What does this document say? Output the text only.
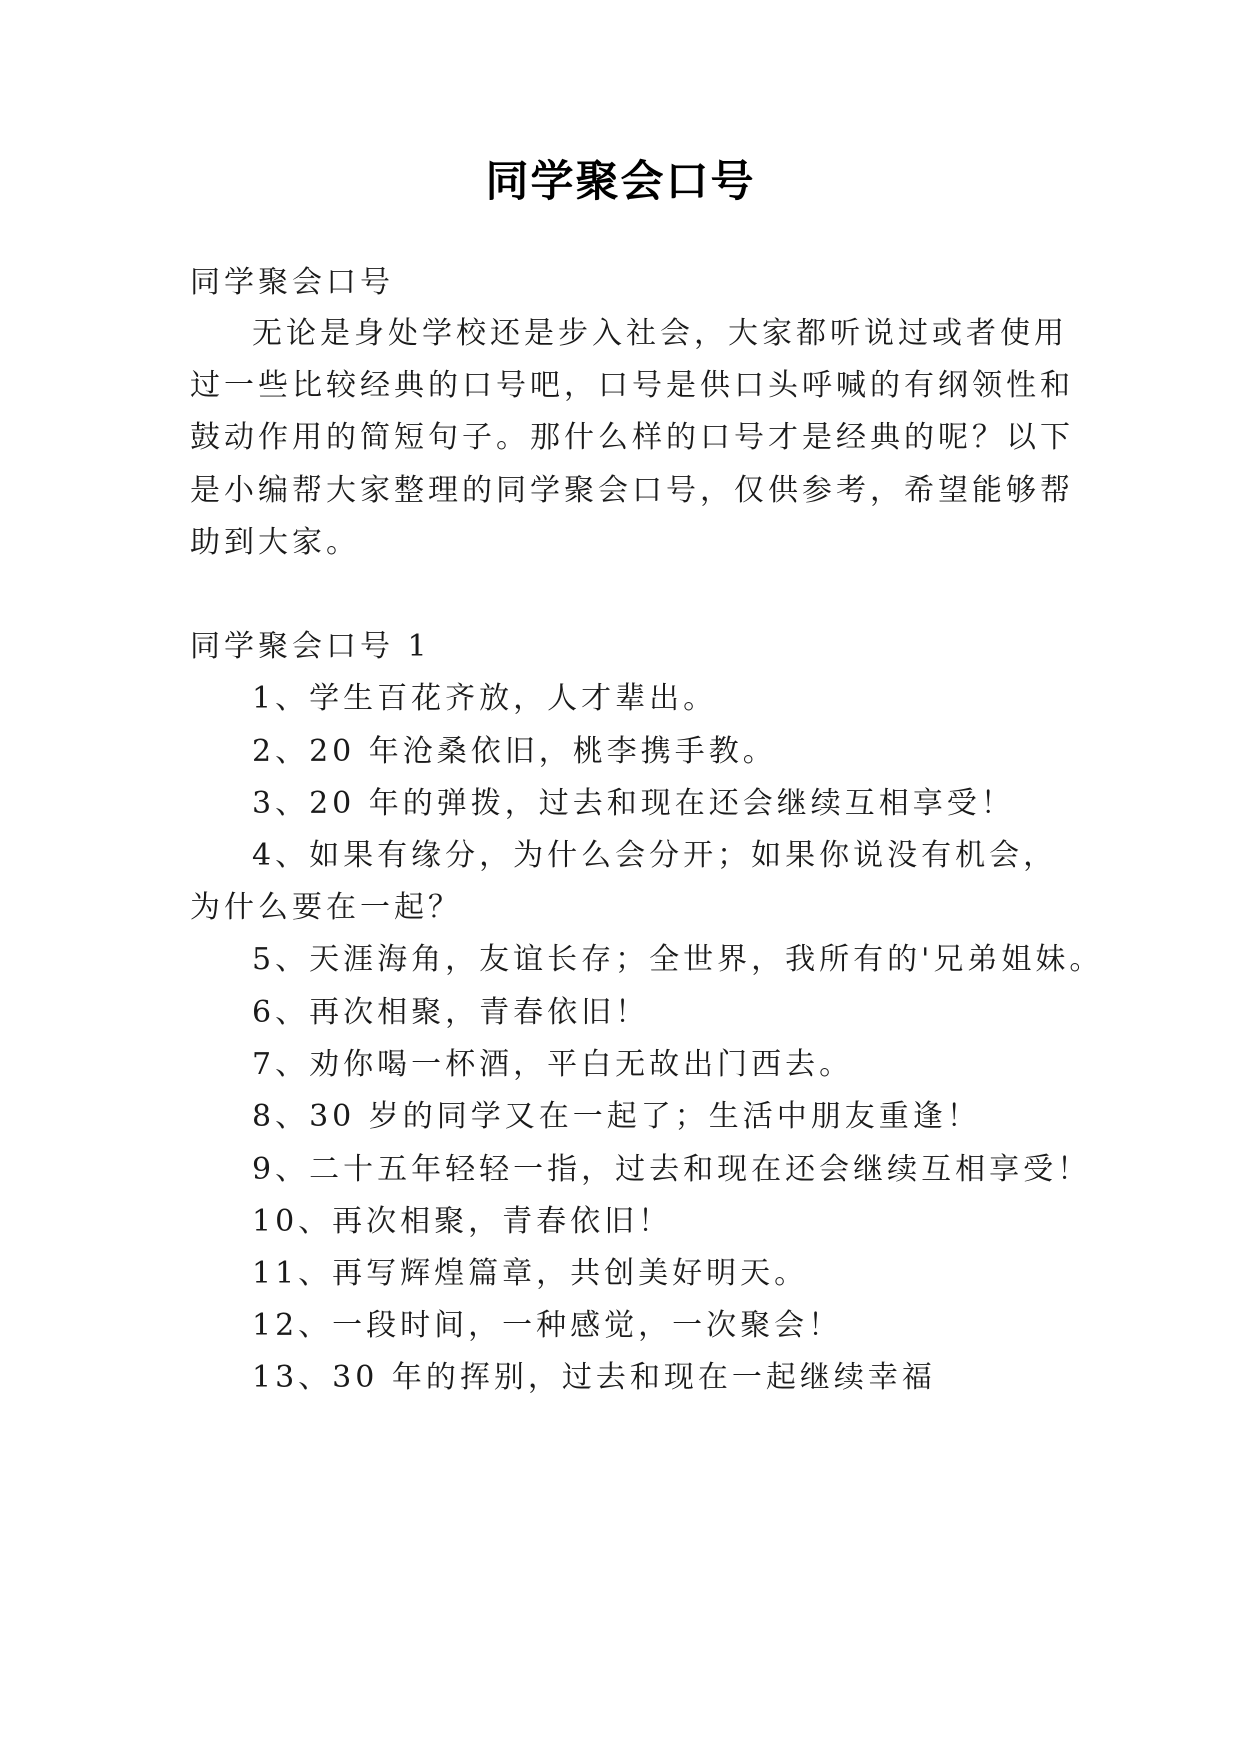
同学聚会口号
同学聚会口号
无论是身处学校还是步入社会，大家都听说过或者使用
过一些比较经典的口号吧，口号是供口头呼喊的有纲领性和
鼓动作用的简短句子。那什么样的口号才是经典的呢？以下
是小编帮大家整理的同学聚会口号，仅供参考，希望能够帮
助到大家。
同学聚会口号 1
1、学生百花齐放，人才辈出。
2、20 年沧桑依旧，桃李携手教。
3、20 年的弹拨，过去和现在还会继续互相享受！
4、如果有缘分，为什么会分开；如果你说没有机会，
为什么要在一起？
5、天涯海角，友谊长存；全世界，我所有的'兄弟姐妹。
6、再次相聚，青春依旧！
7、劝你喝一杯酒，平白无故出门西去。
8、30 岁的同学又在一起了；生活中朋友重逢！
9、二十五年轻轻一指，过去和现在还会继续互相享受！
10、再次相聚，青春依旧！
11、再写辉煌篇章，共创美好明天。
12、一段时间，一种感觉，一次聚会！
13、30 年的挥别，过去和现在一起继续幸福
